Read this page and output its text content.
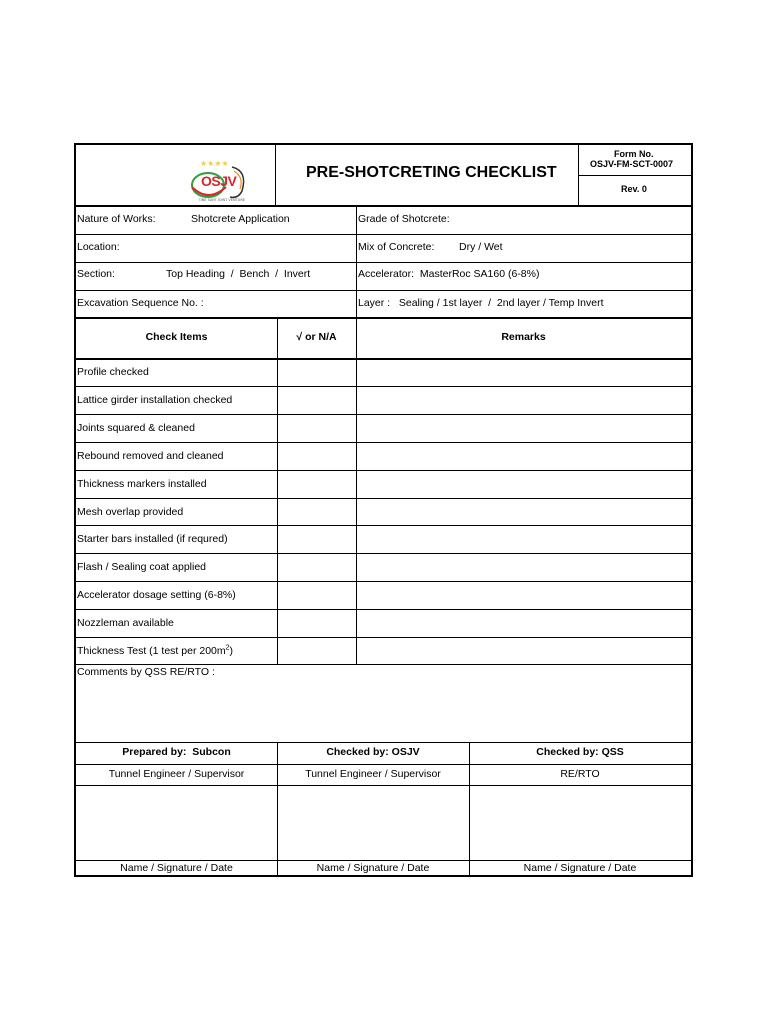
★★★★
ONE SAFE JOINT VENTURE
OSJV	PRE-SHOTCRETING CHECKLIST
Form No.
OSJV-FM-SCT-0007
Rev. 0
Nature of Works:	Shotcrete Application	Grade of Shotcrete:
Location:	Mix of Concrete: Dry / Wet
Section:	Top Heading  /  Bench  /  Invert	Accelerator:  MasterRoc SA160 (6-8%)
Excavation Sequence No. :	Layer :   Sealing / 1st layer  /  2nd layer / Temp Invert
Check Items	√ or N/A	Remarks
Profile checked
Lattice girder installation checked
Joints squared & cleaned
Rebound removed and cleaned
Thickness markers installed
Mesh overlap provided
Starter bars installed (if requred)
Flash / Sealing coat applied
Accelerator dosage setting (6-8%)
Nozzleman available
Thickness Test (1 test per $200m^2$)
Comments by QSS RE/RTO :
Prepared by:  Subcon	Checked by: OSJV	Checked by: QSS
Tunnel Engineer / Supervisor	Tunnel Engineer / Supervisor	RE/RTO
Name / Signature / Date	Name / Signature / Date	Name / Signature / Date
